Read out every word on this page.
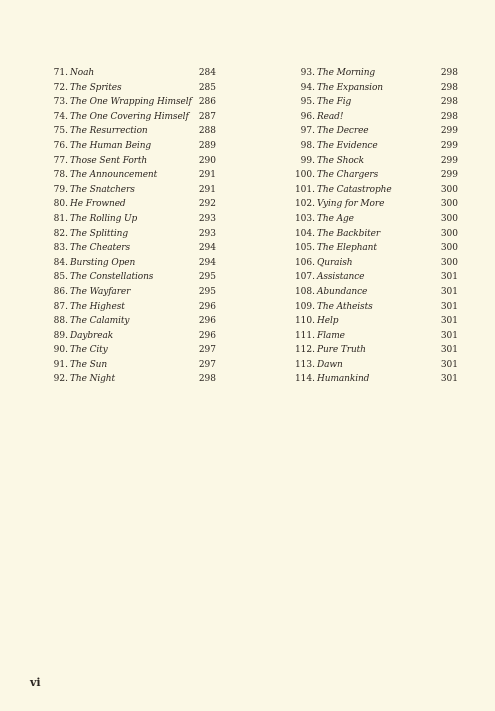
71. Noah	284
72. The Sprites	285
73. The One Wrapping Himself 286
74. The One Covering Himself 287
75. The Resurrection	288
76. The Human Being	289
77. Those Sent Forth	290
78. The Announcement	291
79. The Snatchers	291
80. He Frowned	292
81. The Rolling Up	293
82. The Splitting	293
83. The Cheaters	294
84. Bursting Open	294
85. The Constellations	295
86. The Wayfarer	295
87. The Highest	296
88. The Calamity	296
89. Daybreak	296
90. The City	297
91. The Sun	297
92. The Night	298
93. The Morning	298
94. The Expansion	298
95. The Fig	298
96. Read!	298
97. The Decree	299
98. The Evidence	299
99. The Shock	299
100. The Chargers	299
101. The Catastrophe	300
102. Vying for More	300
103. The Age	300
104. The Backbiter	300
105. The Elephant	300
106. Quraish	300
107. Assistance	301
108. Abundance	301
109. The Atheists	301
110. Help	301
111. Flame	301
112. Pure Truth	301
113. Dawn	301
114. Humankind	301
vi
